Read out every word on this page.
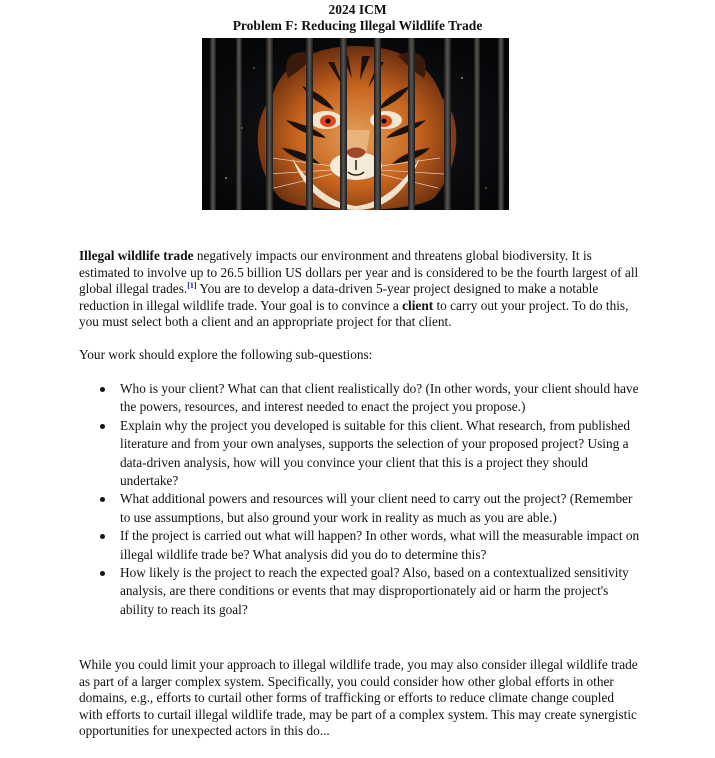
2024 ICM
Problem F: Reducing Illegal Wildlife Trade

Illegal wildlife trade negatively impacts our environment and threatens global biodiversity. It is estimated to involve up to 26.5 billion US dollars per year and is considered to be the fourth largest of all global illegal trades.[1] You are to develop a data-driven 5-year project designed to make a notable reduction in illegal wildlife trade. Your goal is to convince a client to carry out your project. To do this, you must select both a client and an appropriate project for that client.

Your work should explore the following sub-questions:

Who is your client? What can that client realistically do? (In other words, your client should have the powers, resources, and interest needed to enact the project you propose.)
Explain why the project you developed is suitable for this client. What research, from published literature and from your own analyses, supports the selection of your proposed project? Using a data-driven analysis, how will you convince your client that this is a project they should undertake?
What additional powers and resources will your client need to carry out the project? (Remember to use assumptions, but also ground your work in reality as much as you are able.)
If the project is carried out what will happen? In other words, what will the measurable impact on illegal wildlife trade be? What analysis did you do to determine this?
How likely is the project to reach the expected goal? Also, based on a contextualized sensitivity analysis, are there conditions or events that may disproportionately aid or harm the project's ability to reach its goal?

While you could limit your approach to illegal wildlife trade, you may also consider illegal wildlife trade as part of a larger complex system. Specifically, you could consider how other global efforts in other domains, e.g., efforts to curtail other forms of trafficking or efforts to reduce climate change coupled with efforts to curtail illegal wildlife trade, may be part of a complex system. This may create synergistic opportunities for unexpected actors in this do...
